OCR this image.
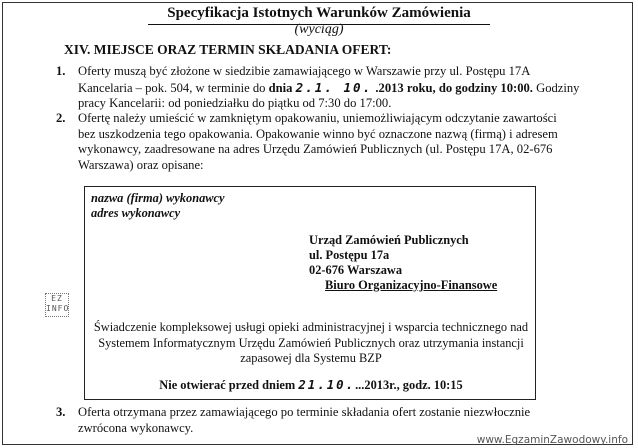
Specyfikacja Istotnych Warunków Zamówienia
(wyciąg)
XIV. MIEJSCE ORAZ TERMIN SKŁADANIA OFERT:
1. Oferty muszą być złożone w siedzibie zamawiającego w Warszawie przy ul. Postępu 17A
Kancelaria – pok. 504, w terminie do dnia 2.1. 10. .2013 roku, do godziny 10:00. Godziny
pracy Kancelarii: od poniedziałku do piątku od 7:30 do 17:00.
2. Ofertę należy umieścić w zamkniętym opakowaniu, uniemożliwiającym odczytanie zawartości
bez uszkodzenia tego opakowania. Opakowanie winno być oznaczone nazwą (firmą) i adresem
wykonawcy, zaadresowane na adres Urzędu Zamówień Publicznych (ul. Postępu 17A, 02-676
Warszawa) oraz opisane:
nazwa (firma) wykonawcy
adres wykonawcy
Urząd Zamówień Publicznych
ul. Postępu 17a
02-676 Warszawa
Biuro Organizacyjno-Finansowe
Świadczenie kompleksowej usługi opieki administracyjnej i wsparcia technicznego nad
Systemem Informatycznym Urzędu Zamówień Publicznych oraz utrzymania instancji
zapasowej dla Systemu BZP
Nie otwierać przed dniem 21.10....2013r., godz. 10:15
3. Oferta otrzymana przez zamawiającego po terminie składania ofert zostanie niezwłocznie
zwrócona wykonawcy.
EZ
INFO
www.EgzaminZawodowy.info
